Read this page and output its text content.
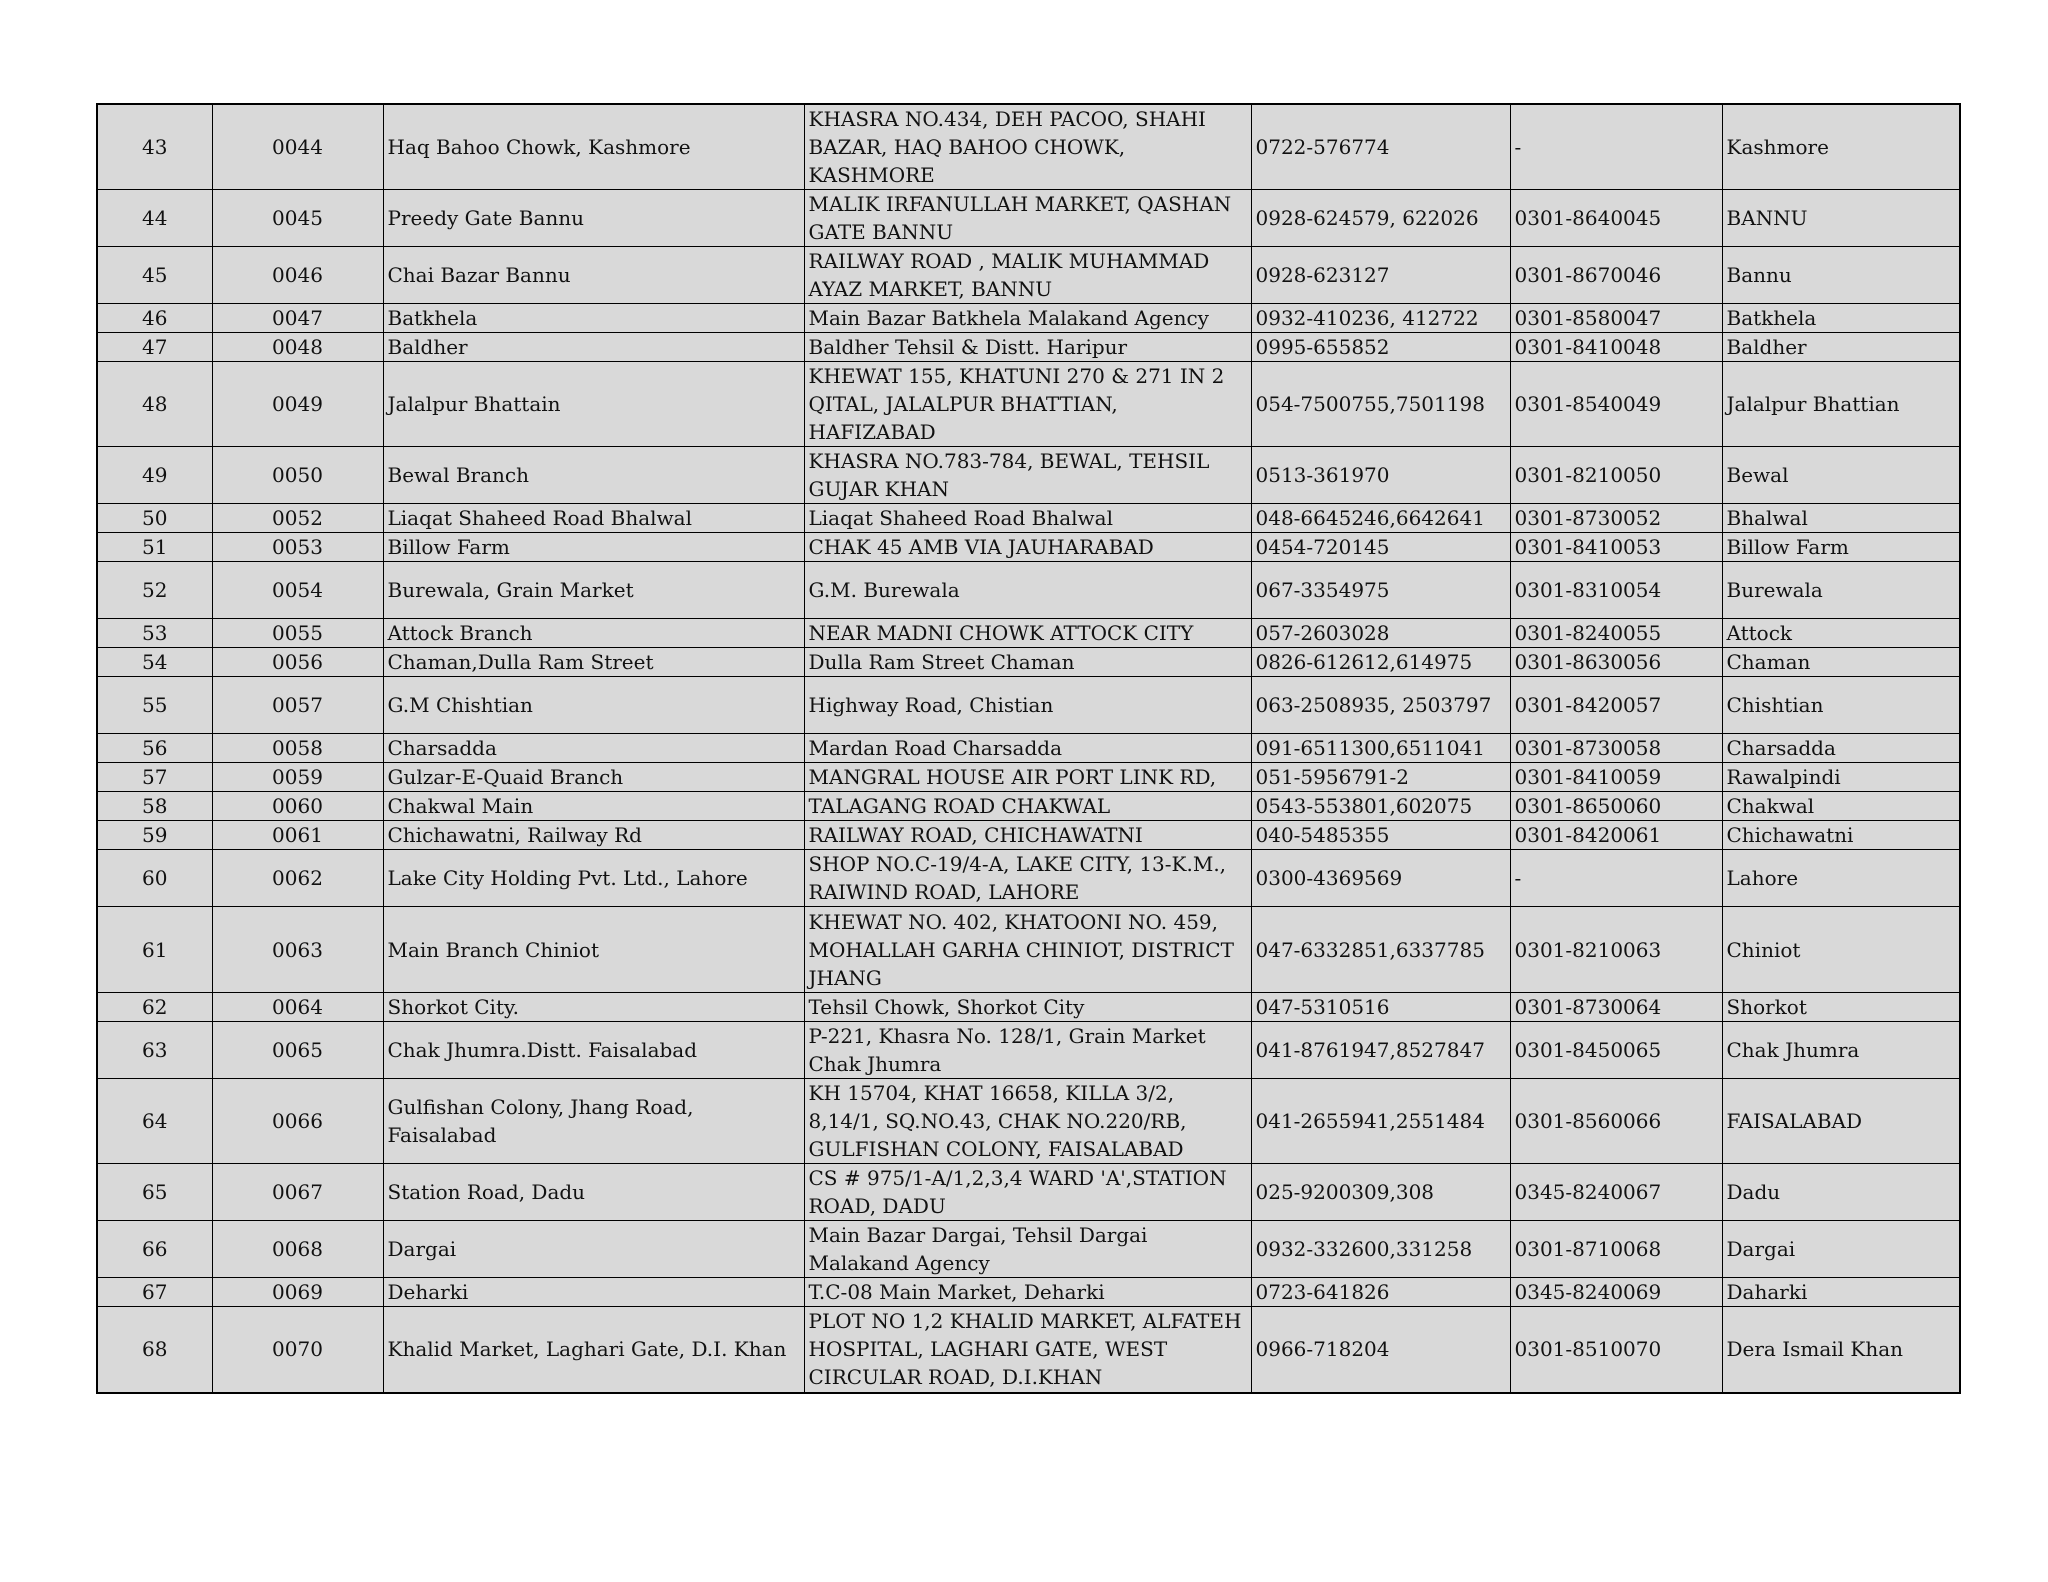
43	0044	Haq Bahoo Chowk, Kashmore	KHASRA NO.434, DEH PACOO, SHAHI BAZAR, HAQ BAHOO CHOWK, KASHMORE	0722-576774	-	Kashmore
44	0045	Preedy Gate Bannu	MALIK IRFANULLAH MARKET, QASHAN GATE BANNU	0928-624579, 622026	0301-8640045	BANNU
45	0046	Chai Bazar Bannu	RAILWAY ROAD , MALIK MUHAMMAD AYAZ MARKET, BANNU	0928-623127	0301-8670046	Bannu
46	0047	Batkhela	Main Bazar Batkhela Malakand Agency	0932-410236, 412722	0301-8580047	Batkhela
47	0048	Baldher	Baldher Tehsil & Distt. Haripur	0995-655852	0301-8410048	Baldher
48	0049	Jalalpur Bhattain	KHEWAT 155, KHATUNI 270 & 271 IN 2 QITAL, JALALPUR BHATTIAN, HAFIZABAD	054-7500755,7501198	0301-8540049	Jalalpur Bhattian
49	0050	Bewal Branch	KHASRA NO.783-784, BEWAL, TEHSIL GUJAR KHAN	0513-361970	0301-8210050	Bewal
50	0052	Liaqat Shaheed Road Bhalwal	Liaqat Shaheed Road Bhalwal	048-6645246,6642641	0301-8730052	Bhalwal
51	0053	Billow Farm	CHAK 45 AMB VIA JAUHARABAD	0454-720145	0301-8410053	Billow Farm
52	0054	Burewala, Grain Market	G.M. Burewala	067-3354975	0301-8310054	Burewala
53	0055	Attock Branch	NEAR MADNI CHOWK ATTOCK CITY	057-2603028	0301-8240055	Attock
54	0056	Chaman,Dulla Ram Street	Dulla Ram Street Chaman	0826-612612,614975	0301-8630056	Chaman
55	0057	G.M Chishtian	Highway Road, Chistian	063-2508935, 2503797	0301-8420057	Chishtian
56	0058	Charsadda	Mardan Road Charsadda	091-6511300,6511041	0301-8730058	Charsadda
57	0059	Gulzar-E-Quaid Branch	MANGRAL HOUSE AIR PORT LINK RD,	051-5956791-2	0301-8410059	Rawalpindi
58	0060	Chakwal Main	TALAGANG ROAD CHAKWAL	0543-553801,602075	0301-8650060	Chakwal
59	0061	Chichawatni, Railway Rd	RAILWAY ROAD, CHICHAWATNI	040-5485355	0301-8420061	Chichawatni
60	0062	Lake City Holding Pvt. Ltd., Lahore	SHOP NO.C-19/4-A, LAKE CITY, 13-K.M., RAIWIND ROAD, LAHORE	0300-4369569	-	Lahore
61	0063	Main Branch Chiniot	KHEWAT NO. 402, KHATOONI NO. 459, MOHALLAH GARHA CHINIOT, DISTRICT JHANG	047-6332851,6337785	0301-8210063	Chiniot
62	0064	Shorkot City.	Tehsil Chowk, Shorkot City	047-5310516	0301-8730064	Shorkot
63	0065	Chak Jhumra.Distt. Faisalabad	P-221, Khasra No. 128/1, Grain Market Chak Jhumra	041-8761947,8527847	0301-8450065	Chak Jhumra
64	0066	Gulfishan Colony, Jhang Road, Faisalabad	KH 15704, KHAT 16658, KILLA 3/2, 8,14/1, SQ.NO.43, CHAK NO.220/RB, GULFISHAN COLONY, FAISALABAD	041-2655941,2551484	0301-8560066	FAISALABAD
65	0067	Station Road, Dadu	CS # 975/1-A/1,2,3,4 WARD 'A',STATION ROAD, DADU	025-9200309,308	0345-8240067	Dadu
66	0068	Dargai	Main Bazar Dargai, Tehsil Dargai Malakand Agency	0932-332600,331258	0301-8710068	Dargai
67	0069	Deharki	T.C-08 Main Market, Deharki	0723-641826	0345-8240069	Daharki
68	0070	Khalid Market, Laghari Gate, D.I. Khan	PLOT NO 1,2 KHALID MARKET, ALFATEH HOSPITAL, LAGHARI GATE, WEST CIRCULAR ROAD, D.I.KHAN	0966-718204	0301-8510070	Dera Ismail Khan
